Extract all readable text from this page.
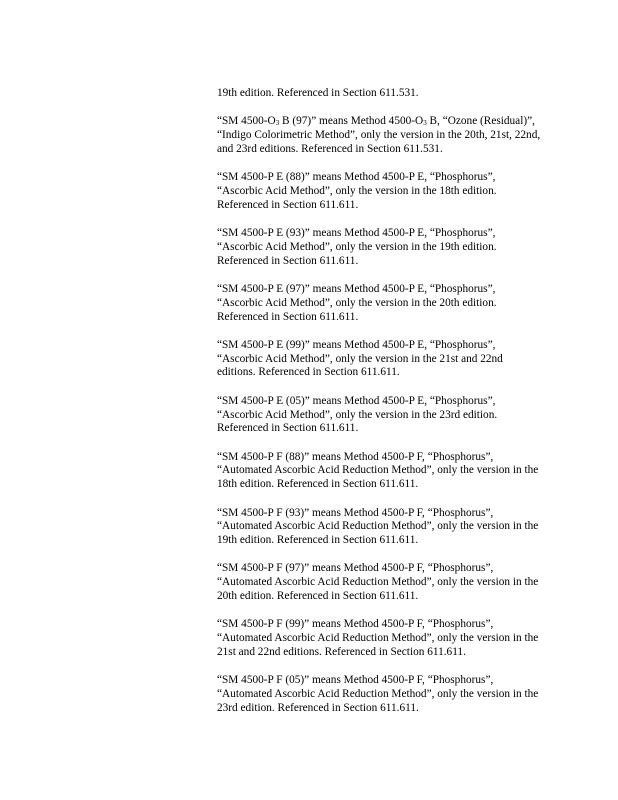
19th edition. Referenced in Section 611.531.

“SM $4500-O_3$ B (97)” means Method $4500-O_3$ B, “Ozone (Residual)”, “Indigo Colorimetric Method”, only the version in the 20th, 21st, 22nd, and 23rd editions. Referenced in Section 611.531.

“SM 4500-P E (88)” means Method 4500-P E, “Phosphorus”, “Ascorbic Acid Method”, only the version in the 18th edition. Referenced in Section 611.611.

“SM 4500-P E (93)” means Method 4500-P E, “Phosphorus”, “Ascorbic Acid Method”, only the version in the 19th edition. Referenced in Section 611.611.

“SM 4500-P E (97)” means Method 4500-P E, “Phosphorus”, “Ascorbic Acid Method”, only the version in the 20th edition. Referenced in Section 611.611.

“SM 4500-P E (99)” means Method 4500-P E, “Phosphorus”, “Ascorbic Acid Method”, only the version in the 21st and 22nd editions. Referenced in Section 611.611.

“SM 4500-P E (05)” means Method 4500-P E, “Phosphorus”, “Ascorbic Acid Method”, only the version in the 23rd edition. Referenced in Section 611.611.

“SM 4500-P F (88)” means Method 4500-P F, “Phosphorus”, “Automated Ascorbic Acid Reduction Method”, only the version in the 18th edition. Referenced in Section 611.611.

“SM 4500-P F (93)” means Method 4500-P F, “Phosphorus”, “Automated Ascorbic Acid Reduction Method”, only the version in the 19th edition. Referenced in Section 611.611.

“SM 4500-P F (97)” means Method 4500-P F, “Phosphorus”, “Automated Ascorbic Acid Reduction Method”, only the version in the 20th edition. Referenced in Section 611.611.

“SM 4500-P F (99)” means Method 4500-P F, “Phosphorus”, “Automated Ascorbic Acid Reduction Method”, only the version in the 21st and 22nd editions. Referenced in Section 611.611.

“SM 4500-P F (05)” means Method 4500-P F, “Phosphorus”, “Automated Ascorbic Acid Reduction Method”, only the version in the 23rd edition. Referenced in Section 611.611.
